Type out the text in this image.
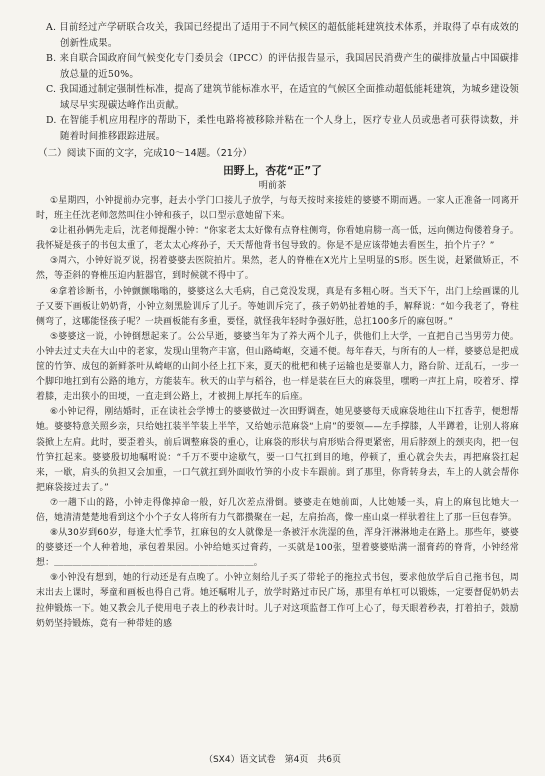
A. 目前经过产学研联合攻关，我国已经提出了适用于不同气候区的超低能耗建筑技术体系，并取得了卓有成效的创新性成果。

B. 来自联合国政府间气候变化专门委员会（IPCC）的评估报告显示，我国居民消费产生的碳排放量占中国碳排放总量的近50%。

C. 我国通过制定强制性标准，提高了建筑节能标准水平，在适宜的气候区全面推动超低能耗建筑，为城乡建设领域尽早实现碳达峰作出贡献。

D. 在智能手机应用程序的帮助下，柔性电路将被移除并粘在一个人身上，医疗专业人员或患者可获得读数，并随着时间推移跟踪进展。

（二）阅读下面的文字，完成10～14题。（21分）
田野上，杏花“正”了
明前茶

①星期四，小钟提前办完事，赶去小学门口接儿子放学，与每天按时来接娃的婆婆不期而遇。一家人正准备一同离开时，班主任沈老师忽然叫住小钟和孩子，以口型示意她留下来。

②让祖孙俩先走后，沈老师提醒小钟：“你家老太太好像有点脊柱侧弯，你看她肩膀一高一低，远向侧边佝偻着身子。我怀疑是孩子的书包太重了，老太太心疼孙子，天天帮他背书包导致的。你是不是应该带她去看医生，拍个片子？”

③周六，小钟好说歹说，拐着婆婆去医院拍片。果然，老人的脊椎在X光片上呈明显的S形。医生说，赶紧做矫正，不然，等歪斜的脊椎压迫内脏器官，到时候就不得中了。

④拿着诊断书，小钟颤颤嗡嗡的，婆婆这么大毛病，自己竟没发现，真是有多粗心呀。当天下午，出门上绘画课的儿子又要下画板让奶奶背，小钟立刻黑脸训斥了儿子。等她训斥完了，孩子奶奶扯着她的手，解释说：“如今我老了，脊柱侧弯了，这哪能怪孩子呢？一块画板能有多重，要怪，就怪我年轻时争强好胜，总扛100多斤的麻包呀。”

⑤婆婆这一说，小钟倒想起来了。公公早逝，婆婆当年为了养大两个儿子，供他们上大学，一直把自己当男劳力使。小钟去过丈夫在大山中的老家，发现山里物产丰富，但山路崎岖，交通不便。每年春天，与所有的人一样，婆婆总是把成筐的竹笋、成包的新鲜茶叶从崎岖的山间小径上扛下来，夏天的枇杷和桃子运输也是要靠人力，路台阶、迂乱石，一步一个脚印地扛到有公路的地方，方能装车。秋天的山芋与稻谷，也一样是装在巨大的麻袋里，嘿哟一声扛上肩，咬着牙、撑着膝，走出狭小的田埂，一直走到公路上，才被拥上厚托车的后座。

⑥小钟记得，刚结婚时，正在读社会学博士的婆婆做过一次田野调查，她见婆婆每天成麻袋地往山下扛香芋，便想帮她。婆婆特意关照乡亲，只给她扛装半竿装上半竿，又给她示范麻袋“上肩”的要领——左手撑膝，人半蹲着，让别人将麻袋掀上左肩。此时，要歪着头，前后调整麻袋的重心，让麻袋的形状与肩形贴合得更紧密，用后脖颈上的颈夹肉，把一包竹笋扛起来。婆婆殷切地嘱咐说：“千万不要中途歇气，要一口气扛到目的地，停顿了，重心就会失去，再把麻袋扛起来，一歇，肩头的负担又会加重，一口气就扛到外面收竹笋的小皮卡车跟前。到了那里，你背转身去，车上的人就会帮你把麻袋接过去了。”

⑦一趟下山的路，小钟走得像掉命一般，好几次差点滑倒。婆婆走在她前面，人比她矮一头，肩上的麻包比她大一倍，她清清楚楚地看到这个小个子女人将所有力气都攒聚在一起，左肩抬高，像一座山桌一样驮着往上了那一巨包春笋。

⑧从30岁到60岁，每逢大忙季节，扛麻包的女人就像是一条被汗水洗湿的鱼，浑身汗淋淋地走在路上。那些年，婆婆的婆婆还一个人种着地，承包着果园。小钟给她买过膏药，一买就是100张，望着婆婆贴满一溜膏药的脊背，小钟经常想：＿＿＿＿＿＿＿＿＿＿＿＿＿＿＿＿＿＿＿＿＿＿。

⑨小钟没有想到，她的行动还是有点晚了。小钟立刻给儿子买了带轮子的拖拉式书包，要求他放学后自己拖书包，周末出去上课时，琴童和画板也得自己背。她还嘱咐儿子，放学时路过市民广场，那里有单杠可以锻炼，一定要督促奶奶去拉伸锻炼一下。她又教会儿子使用电子表上的秒表计时。儿子对这项监督工作可上心了，每天眼着秒表，打着拍子，鼓励奶奶坚持锻炼，竟有一种带娃的感

（SX4）语文试卷　第4页　共6页
